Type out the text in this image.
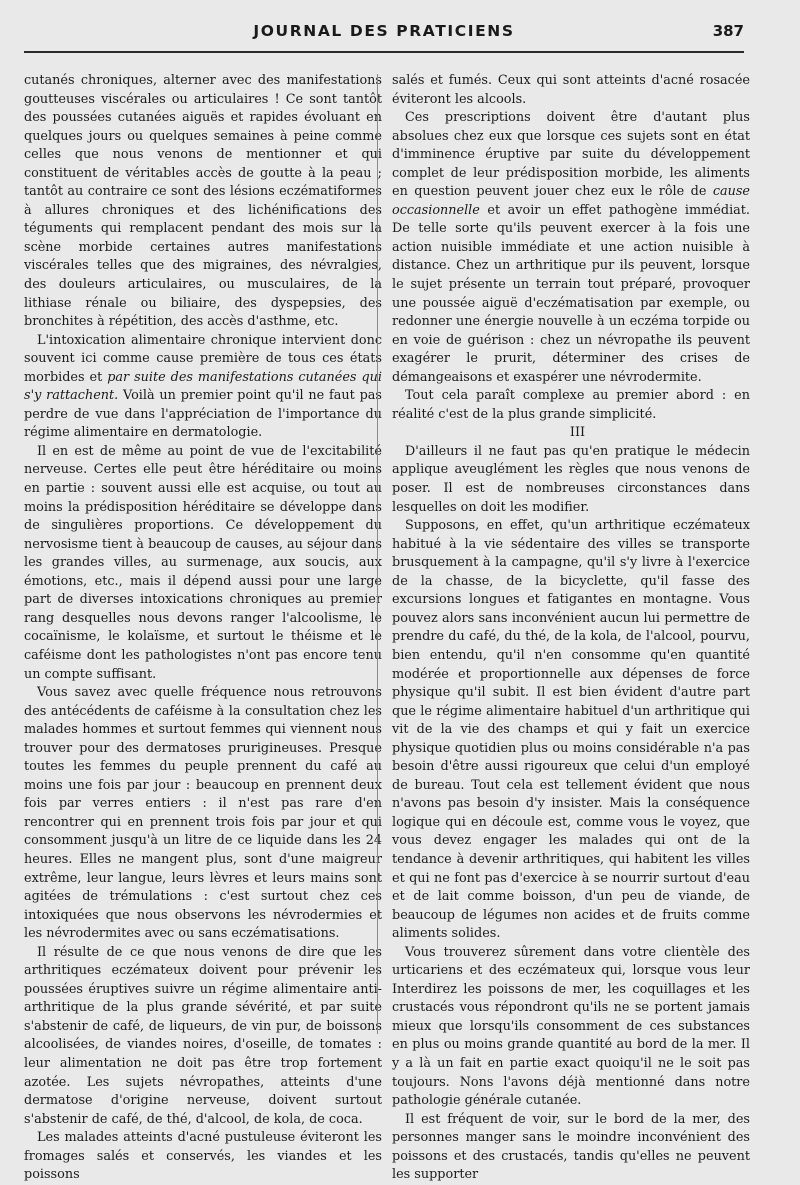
JOURNAL DES PRATICIENS	387

cutanés chroniques, alterner avec des manifestations goutteuses viscérales ou articulaires ! Ce sont tantôt des poussées cutanées aiguës et rapides évoluant en quelques jours ou quelques semaines à peine comme celles que nous venons de mentionner et qui constituent de véritables accès de goutte à la peau ; tantôt au contraire ce sont des lésions eczématiformes à allures chroniques et des lichénifications des téguments qui remplacent pendant des mois sur la scène morbide certaines autres manifestations viscérales telles que des migraines, des névralgies, des douleurs articulaires, ou musculaires, de la lithiase rénale ou biliaire, des dyspepsies, des bronchites à répétition, des accès d'asthme, etc.

L'intoxication alimentaire chronique intervient donc souvent ici comme cause première de tous ces états morbides et par suite des manifestations cutanées qui s'y rattachent. Voilà un premier point qu'il ne faut pas perdre de vue dans l'appréciation de l'importance du régime alimentaire en dermatologie.

Il en est de même au point de vue de l'excitabilité nerveuse. Certes elle peut être héréditaire ou moins en partie : souvent aussi elle est acquise, ou tout au moins la prédisposition héréditaire se développe dans de singulières proportions. Ce développement du nervosisme tient à beaucoup de causes, au séjour dans les grandes villes, au surmenage, aux soucis, aux émotions, etc., mais il dépend aussi pour une large part de diverses intoxications chroniques au premier rang desquelles nous devons ranger l'alcoolisme, le cocaïnisme, le kolaïsme, et surtout le théisme et le caféisme dont les pathologistes n'ont pas encore tenu un compte suffisant.

Vous savez avec quelle fréquence nous retrouvons des antécédents de caféisme à la consultation chez les malades hommes et surtout femmes qui viennent nous trouver pour des dermatoses prurigineuses. Presque toutes les femmes du peuple prennent du café au moins une fois par jour : beaucoup en prennent deux fois par verres entiers : il n'est pas rare d'en rencontrer qui en prennent trois fois par jour et qui consomment jusqu'à un litre de ce liquide dans les 24 heures. Elles ne mangent plus, sont d'une maigreur extrême, leur langue, leurs lèvres et leurs mains sont agitées de trémulations : c'est surtout chez ces intoxiquées que nous observons les névrodermies et les névrodermites avec ou sans eczématisations.

Il résulte de ce que nous venons de dire que les arthritiques eczémateux doivent pour prévenir les poussées éruptives suivre un régime alimentaire anti-arthritique de la plus grande sévérité, et par suite s'abstenir de café, de liqueurs, de vin pur, de boissons alcoolisées, de viandes noires, d'oseille, de tomates : leur alimentation ne doit pas être trop fortement azotée. Les sujets névropathes, atteints d'une dermatose d'origine nerveuse, doivent surtout s'abstenir de café, de thé, d'alcool, de kola, de coca.

Les malades atteints d'acné pustuleuse éviteront les fromages salés et conservés, les viandes et les poissons

salés et fumés. Ceux qui sont atteints d'acné rosacée éviteront les alcools.

Ces prescriptions doivent être d'autant plus absolues chez eux que lorsque ces sujets sont en état d'imminence éruptive par suite du développement complet de leur prédisposition morbide, les aliments en question peuvent jouer chez eux le rôle de cause occasionnelle et avoir un effet pathogène immédiat. De telle sorte qu'ils peuvent exercer à la fois une action nuisible immédiate et une action nuisible à distance. Chez un arthritique pur ils peuvent, lorsque le sujet présente un terrain tout préparé, provoquer une poussée aiguë d'eczématisation par exemple, ou redonner une énergie nouvelle à un eczéma torpide ou en voie de guérison : chez un névropathe ils peuvent exagérer le prurit, déterminer des crises de démangeaisons et exaspérer une névrodermite.

Tout cela paraît complexe au premier abord : en réalité c'est de la plus grande simplicité.

III

D'ailleurs il ne faut pas qu'en pratique le médecin applique aveuglément les règles que nous venons de poser. Il est de nombreuses circonstances dans lesquelles on doit les modifier.

Supposons, en effet, qu'un arthritique eczémateux habitué à la vie sédentaire des villes se transporte brusquement à la campagne, qu'il s'y livre à l'exercice de la chasse, de la bicyclette, qu'il fasse des excursions longues et fatigantes en montagne. Vous pouvez alors sans inconvénient aucun lui permettre de prendre du café, du thé, de la kola, de l'alcool, pourvu, bien entendu, qu'il n'en consomme qu'en quantité modérée et proportionnelle aux dépenses de force physique qu'il subit. Il est bien évident d'autre part que le régime alimentaire habituel d'un arthritique qui vit de la vie des champs et qui y fait un exercice physique quotidien plus ou moins considérable n'a pas besoin d'être aussi rigoureux que celui d'un employé de bureau. Tout cela est tellement évident que nous n'avons pas besoin d'y insister. Mais la conséquence logique qui en découle est, comme vous le voyez, que vous devez engager les malades qui ont de la tendance à devenir arthritiques, qui habitent les villes et qui ne font pas d'exercice à se nourrir surtout d'eau et de lait comme boisson, d'un peu de viande, de beaucoup de légumes non acides et de fruits comme aliments solides.

Vous trouverez sûrement dans votre clientèle des urticariens et des eczémateux qui, lorsque vous leur Interdirez les poissons de mer, les coquillages et les crustacés vous répondront qu'ils ne se portent jamais mieux que lorsqu'ils consomment de ces substances en plus ou moins grande quantité au bord de la mer. Il y a là un fait en partie exact quoiqu'il ne le soit pas toujours. Nons l'avons déjà mentionné dans notre pathologie générale cutanée.

Il est fréquent de voir, sur le bord de la mer, des personnes manger sans le moindre inconvénient des poissons et des crustacés, tandis qu'elles ne peuvent les supporter
